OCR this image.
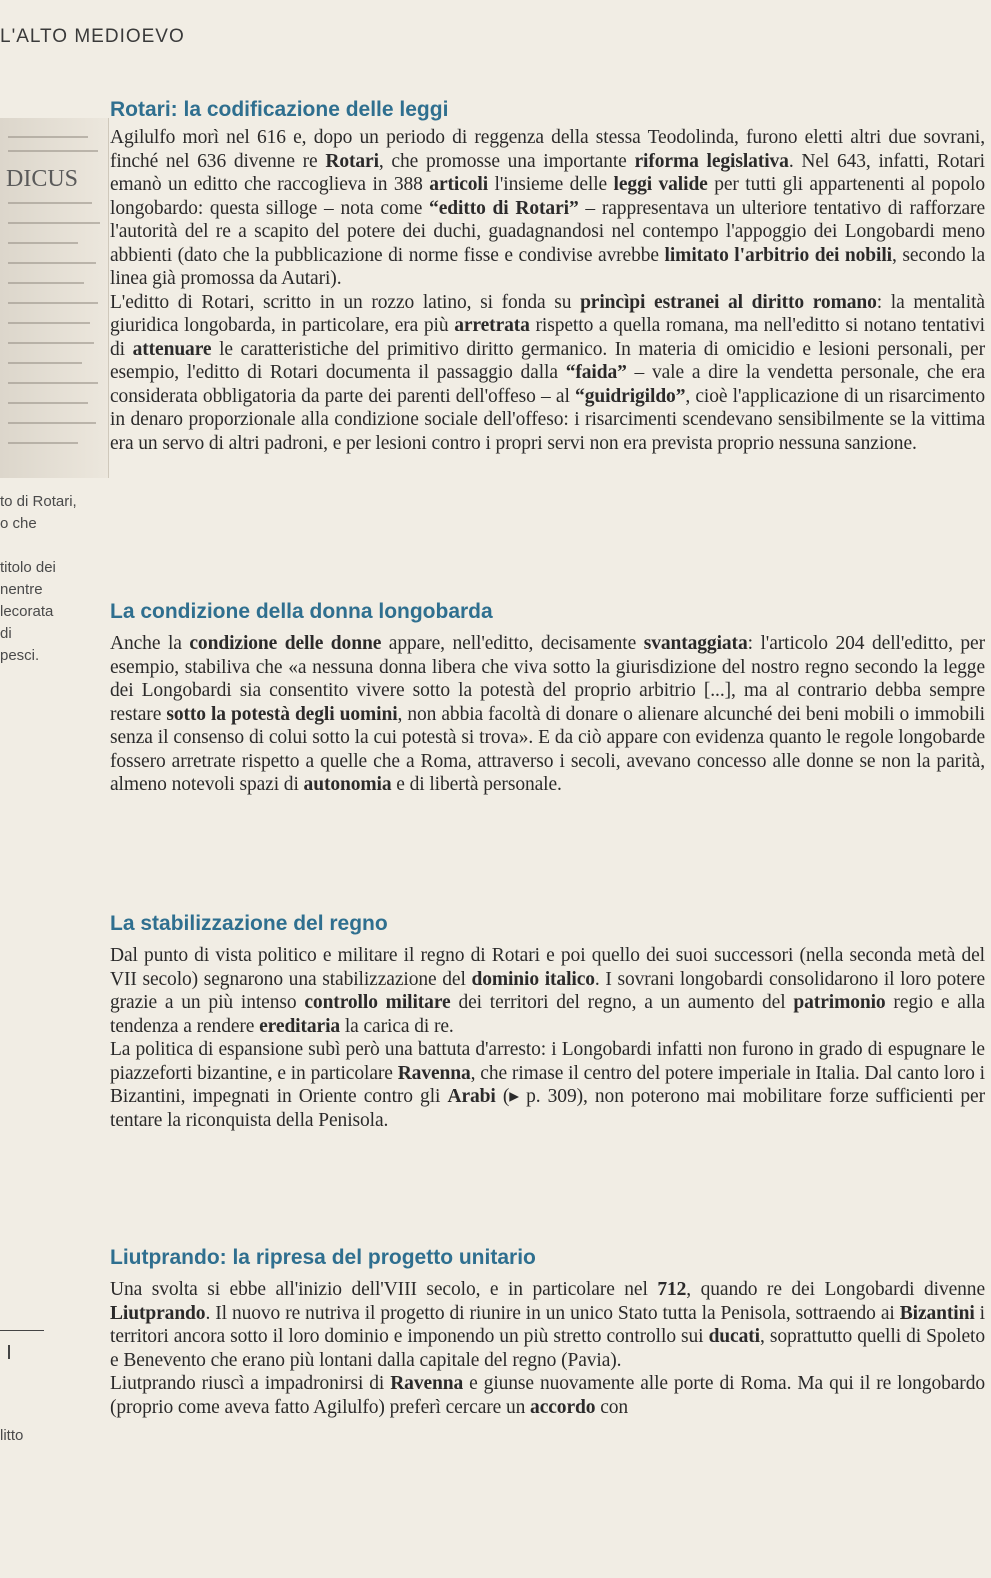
L'ALTO MEDIOEVO
DICUS
to di Rotari,
o che
titolo dei
nentre
lecorata
di
pesci.
litto
Rotari: la codificazione delle leggi

Agilulfo morì nel 616 e, dopo un periodo di reggenza della stessa Teodolinda, furono eletti altri due sovrani, finché nel 636 divenne re Rotari, che promosse una importante riforma legislativa. Nel 643, infatti, Rotari emanò un editto che raccoglieva in 388 articoli l'insieme delle leggi valide per tutti gli appartenenti al popolo longobardo: questa silloge – nota come “editto di Rotari” – rappresentava un ulteriore tentativo di rafforzare l'autorità del re a scapito del potere dei duchi, guadagnandosi nel contempo l'appoggio dei Longobardi meno abbienti (dato che la pubblicazione di norme fisse e condivise avrebbe limitato l'arbitrio dei nobili, secondo la linea già promossa da Autari).

L'editto di Rotari, scritto in un rozzo latino, si fonda su princìpi estranei al diritto romano: la mentalità giuridica longobarda, in particolare, era più arretrata rispetto a quella romana, ma nell'editto si notano tentativi di attenuare le caratteristiche del primitivo diritto germanico. In materia di omicidio e lesioni personali, per esempio, l'editto di Rotari documenta il passaggio dalla “faida” – vale a dire la vendetta personale, che era considerata obbligatoria da parte dei parenti dell'offeso – al “guidrigildo”, cioè l'applicazione di un risarcimento in denaro proporzionale alla condizione sociale dell'offeso: i risarcimenti scendevano sensibilmente se la vittima era un servo di altri padroni, e per lesioni contro i propri servi non era prevista proprio nessuna sanzione.

La condizione della donna longobarda

Anche la condizione delle donne appare, nell'editto, decisamente svantaggiata: l'articolo 204 dell'editto, per esempio, stabiliva che «a nessuna donna libera che viva sotto la giurisdizione del nostro regno secondo la legge dei Longobardi sia consentito vivere sotto la potestà del proprio arbitrio [...], ma al contrario debba sempre restare sotto la potestà degli uomini, non abbia facoltà di donare o alienare alcunché dei beni mobili o immobili senza il consenso di colui sotto la cui potestà si trova». E da ciò appare con evidenza quanto le regole longobarde fossero arretrate rispetto a quelle che a Roma, attraverso i secoli, avevano concesso alle donne se non la parità, almeno notevoli spazi di autonomia e di libertà personale.

La stabilizzazione del regno

Dal punto di vista politico e militare il regno di Rotari e poi quello dei suoi successori (nella seconda metà del VII secolo) segnarono una stabilizzazione del dominio italico. I sovrani longobardi consolidarono il loro potere grazie a un più intenso controllo militare dei territori del regno, a un aumento del patrimonio regio e alla tendenza a rendere ereditaria la carica di re.

La politica di espansione subì però una battuta d'arresto: i Longobardi infatti non furono in grado di espugnare le piazzeforti bizantine, e in particolare Ravenna, che rimase il centro del potere imperiale in Italia. Dal canto loro i Bizantini, impegnati in Oriente contro gli Arabi (▸ p. 309), non poterono mai mobilitare forze sufficienti per tentare la riconquista della Penisola.

Liutprando: la ripresa del progetto unitario

Una svolta si ebbe all'inizio dell'VIII secolo, e in particolare nel 712, quando re dei Longobardi divenne Liutprando. Il nuovo re nutriva il progetto di riunire in un unico Stato tutta la Penisola, sottraendo ai Bizantini i territori ancora sotto il loro dominio e imponendo un più stretto controllo sui ducati, soprattutto quelli di Spoleto e Benevento che erano più lontani dalla capitale del regno (Pavia).

Liutprando riuscì a impadronirsi di Ravenna e giunse nuovamente alle porte di Roma. Ma qui il re longobardo (proprio come aveva fatto Agilulfo) preferì cercare un accordo con
